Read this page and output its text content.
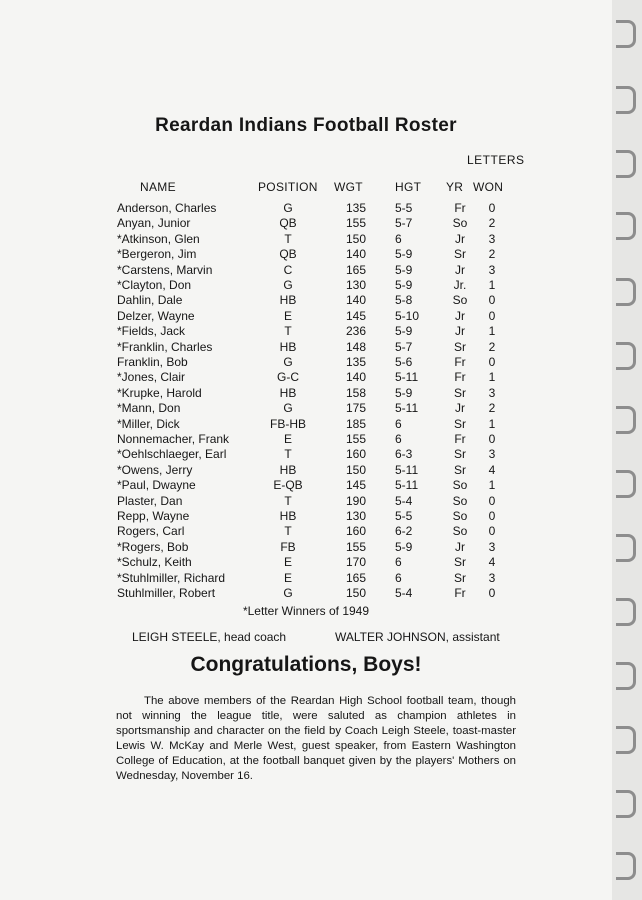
Reardan Indians Football Roster
LETTERS
NAME	POSITION WGT	HGT YR WON
Anderson, Charles	G	135	5-5	Fr	0
Anyan, Junior	QB	155	5-7	So	2
*Atkinson, Glen	T	150	6	Jr	3
*Bergeron, Jim	QB	140	5-9	Sr	2
*Carstens, Marvin	C	165	5-9	Jr	3
*Clayton, Don	G	130	5-9	Jr.	1
Dahlin, Dale	HB	140	5-8	So	0
Delzer, Wayne	E	145	5-10	Jr	0
*Fields, Jack	T	236	5-9	Jr	1
*Franklin, Charles	HB	148	5-7	Sr	2
Franklin, Bob	G	135	5-6	Fr	0
*Jones, Clair	G-C	140	5-11	Fr	1
*Krupke, Harold	HB	158	5-9	Sr	3
*Mann, Don	G	175	5-11	Jr	2
*Miller, Dick	FB-HB	185	6	Sr	1
Nonnemacher, Frank	E	155	6	Fr	0
*Oehlschlaeger, Earl	T	160	6-3	Sr	3
*Owens, Jerry	HB	150	5-11	Sr	4
*Paul, Dwayne	E-QB	145	5-11	So	1
Plaster, Dan	T	190	5-4	So	0
Repp, Wayne	HB	130	5-5	So	0
Rogers, Carl	T	160	6-2	So	0
*Rogers, Bob	FB	155	5-9	Jr	3
*Schulz, Keith	E	170	6	Sr	4
*Stuhlmiller, Richard	E	165	6	Sr	3
Stuhlmiller, Robert	G	150	5-4	Fr	0
*Letter Winners of 1949
LEIGH STEELE, head coach	WALTER JOHNSON, assistant
Congratulations, Boys!
The above members of the Reardan High School football team, though not winning the league title, were saluted as champion athletes in sportsmanship and character on the field by Coach Leigh Steele, toast-master Lewis W. McKay and Merle West, guest speaker, from Eastern Washington College of Education, at the football banquet given by the players' Mothers on Wednesday, November 16.
